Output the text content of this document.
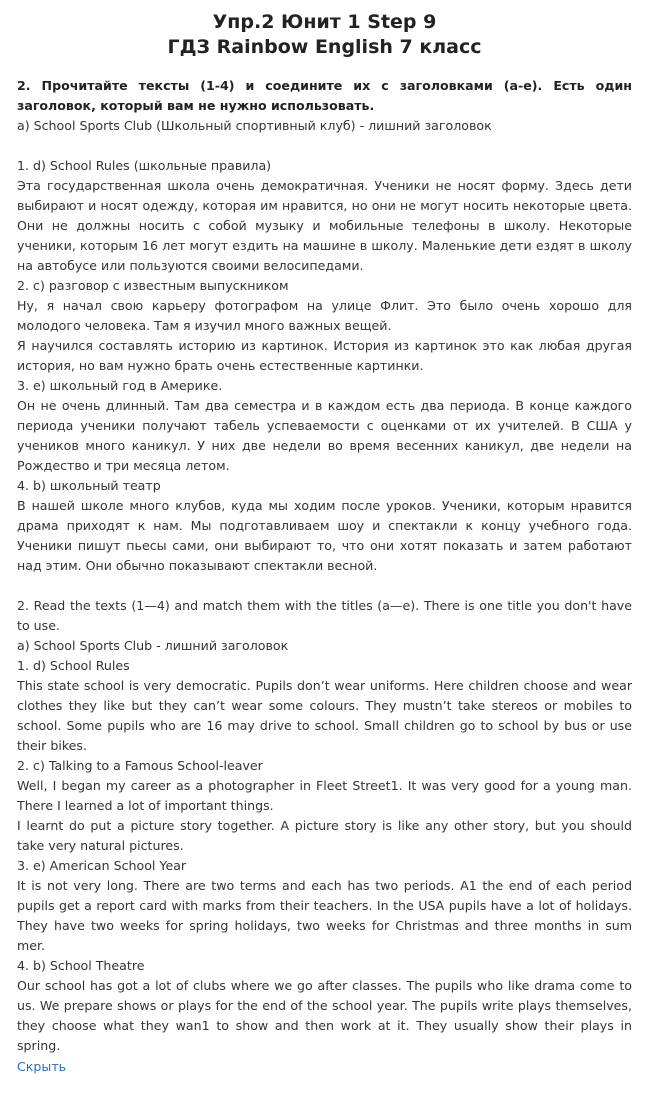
Упр.2 Юнит 1 Step 9
ГДЗ Rainbow English 7 класс

2. Прочитайте тексты (1-4) и соедините их с заголовками (а-е). Есть один заголовок, который вам не нужно использовать.

a) School Sports Club (Школьный спортивный клуб) - лишний заголовок

1. d) School Rules (школьные правила)

Эта государственная школа очень демократичная. Ученики не носят форму. Здесь дети выбирают и носят одежду, которая им нравится, но они не могут носить некоторые цвета. Они не должны носить с собой музыку и мобильные телефоны в школу. Некоторые ученики, которым 16 лет могут ездить на машине в школу. Маленькие дети ездят в школу на автобусе или пользуются своими велосипедами.

2. c) разговор с известным выпускником

Ну, я начал свою карьеру фотографом на улице Флит. Это было очень хорошо для молодого человека. Там я изучил много важных вещей.

Я научился составлять историю из картинок. История из картинок это как любая другая история, но вам нужно брать очень естественные картинки.

3. e) школьный год в Америке.

Он не очень длинный. Там два семестра и в каждом есть два периода. В конце каждого периода ученики получают табель успеваемости с оценками от их учителей. В США у учеников много каникул. У них две недели во время весенних каникул, две недели на Рождество и три месяца летом.

4. b) школьный театр

В нашей школе много клубов, куда мы ходим после уроков. Ученики, которым нравится драма приходят к нам. Мы подготавливаем шоу и спектакли к концу учебного года. Ученики пишут пьесы сами, они выбирают то, что они хотят показать и затем работают над этим. Они обычно показывают спектакли весной.

2. Read the texts (1—4) and match them with the titles (a—e). There is one title you don't have to use.

a) School Sports Club - лишний заголовок

1. d) School Rules

This state school is very democratic. Pupils don’t wear uniforms. Here children choose and wear clothes they like but they can’t wear some colours. They mustn’t take stereos or mobiles to school. Some pupils who are 16 may drive to school. Small children go to school by bus or use their bikes.

2. c) Talking to a Famous School-leaver

Well, I began my career as a photographer in Fleet Street1. It was very good for a young man. There I learned a lot of important things.

I learnt do put a picture story together. A picture story is like any other story, but you should take very natural pictures.

3. e) American School Year

It is not very long. There are two terms and each has two periods. A1 the end of each period pupils get a report card with marks from their teachers. In the USA pupils have a lot of holidays. They have two weeks for spring holidays, two weeks for Christmas and three months in sum mer.

4. b) School Theatre

Our school has got a lot of clubs where we go after classes. The pupils who like drama come to us. We prepare shows or plays for the end of the school year. The pupils write plays themselves, they choose what they wan1 to show and then work at it. They usually show their plays in spring.

Скрыть
